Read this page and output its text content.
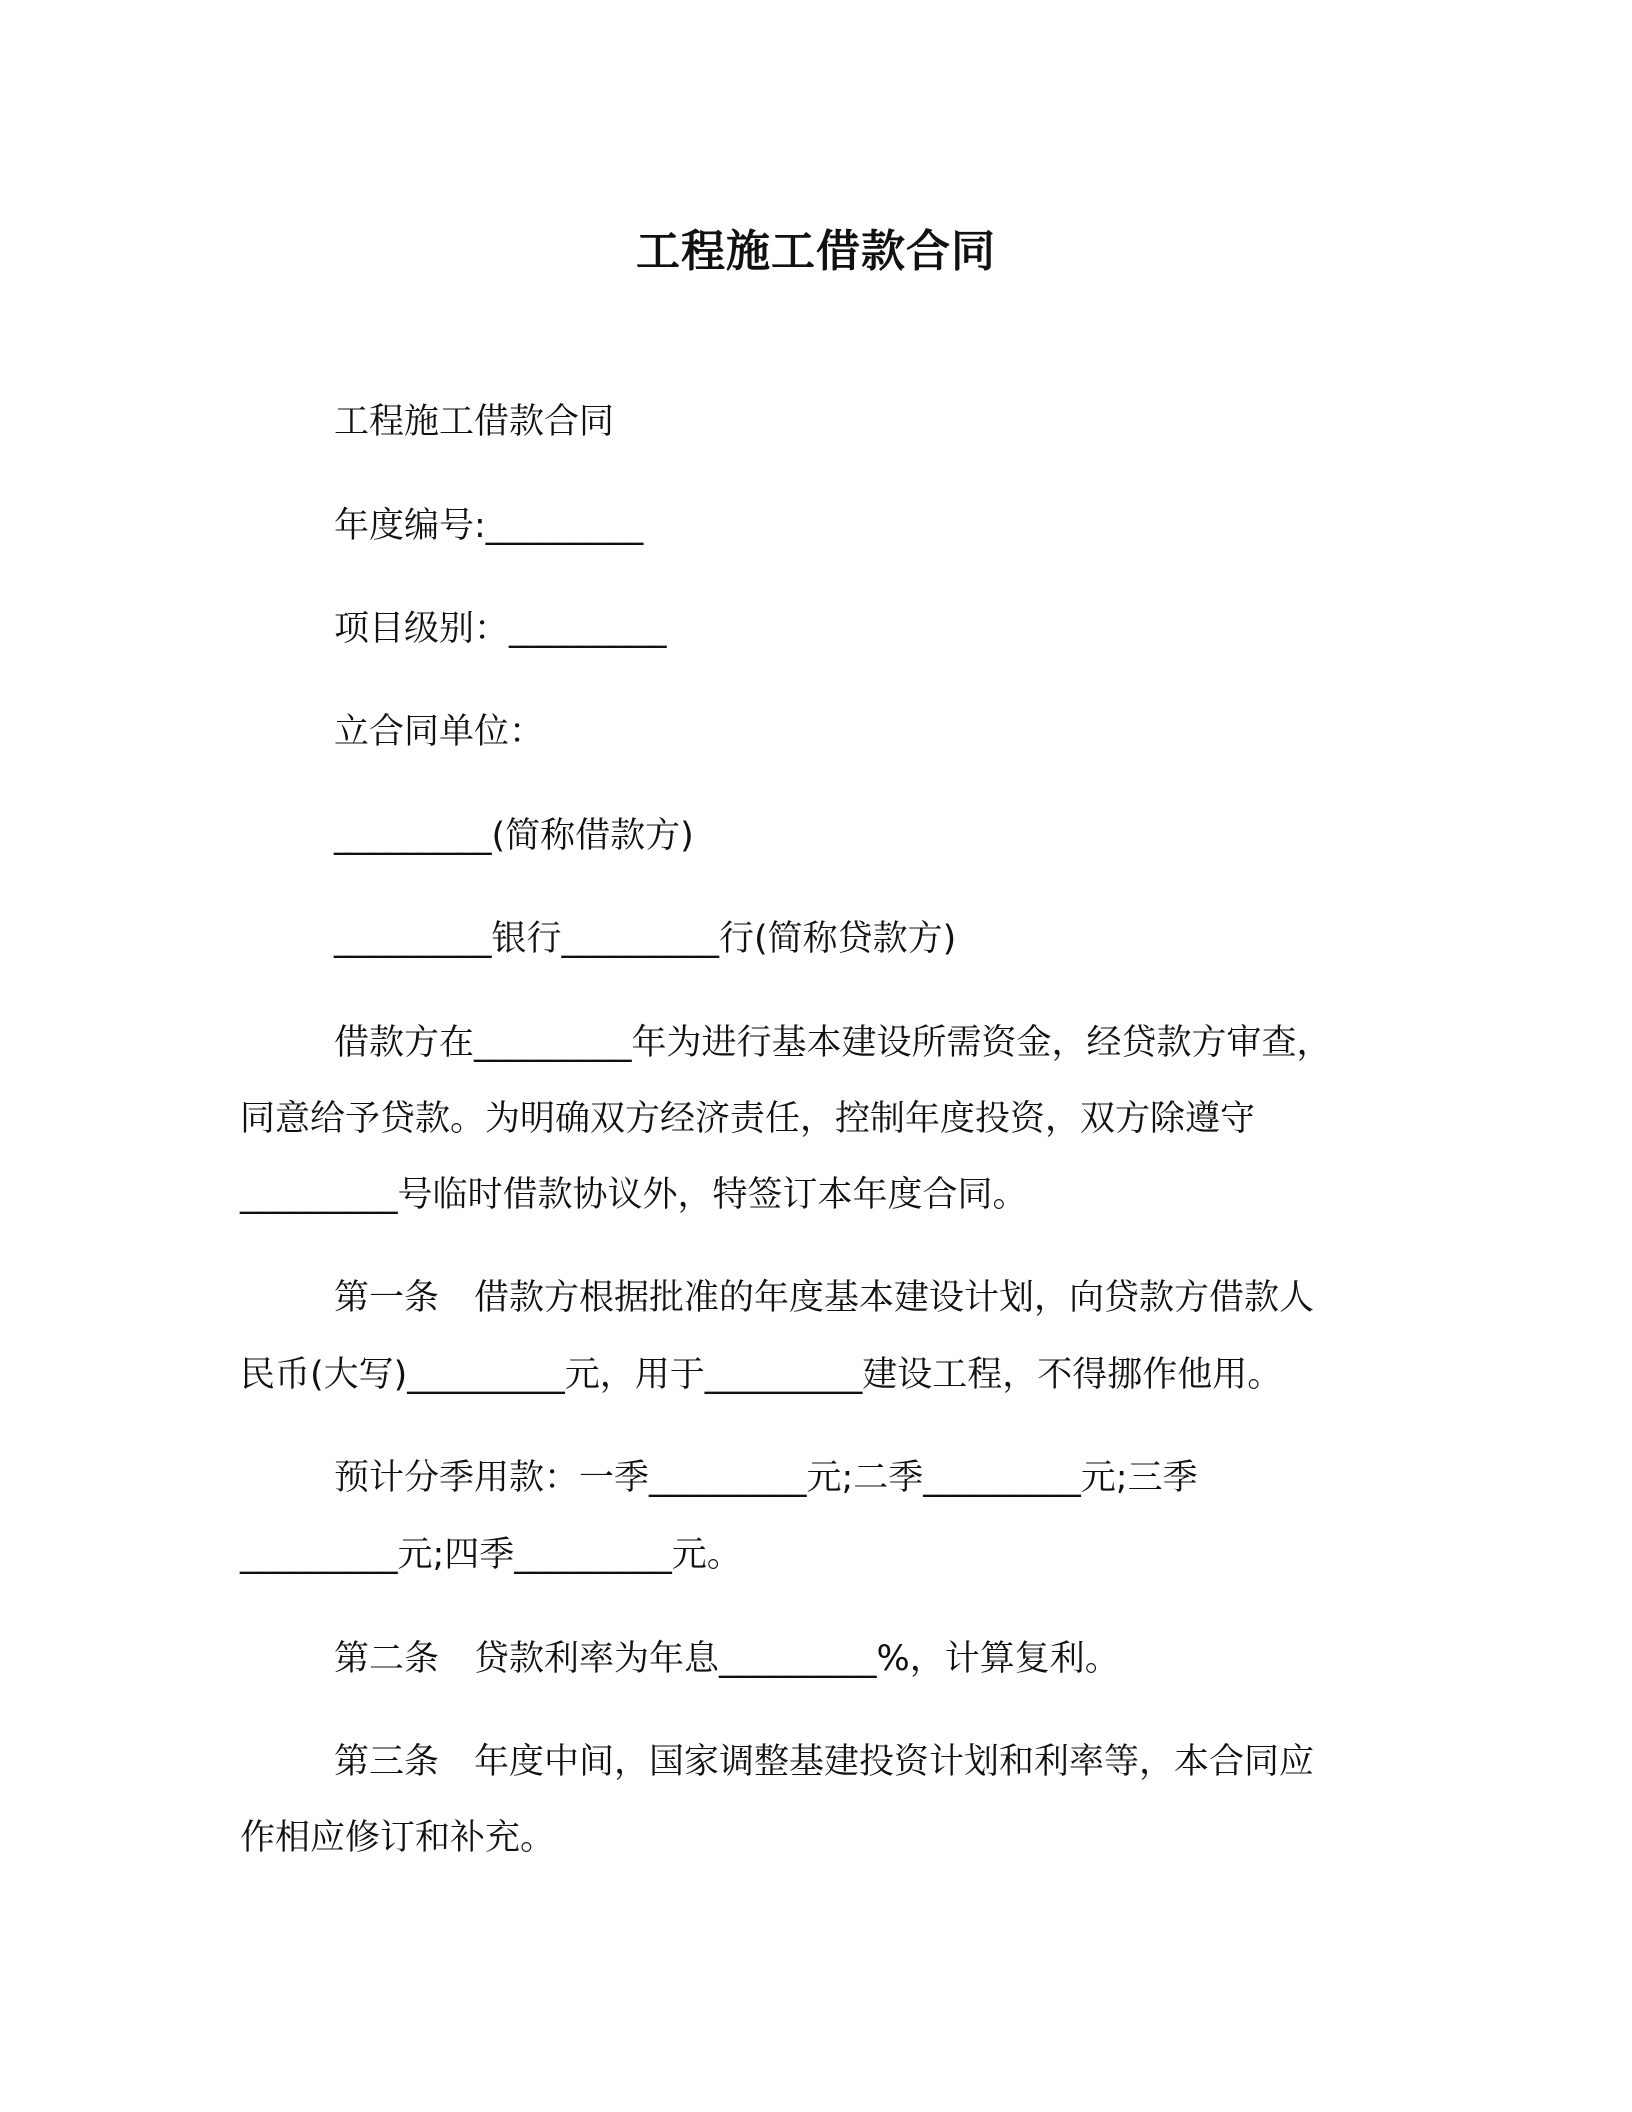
工程施工借款合同
工程施工借款合同
年度编号:_________
项目级别：_________
立合同单位：
_________(简称借款方)
_________银行_________行(简称贷款方)
借款方在_________年为进行基本建设所需资金，经贷款方审查，
同意给予贷款。为明确双方经济责任，控制年度投资，双方除遵守
_________号临时借款协议外，特签订本年度合同。
第一条　借款方根据批准的年度基本建设计划，向贷款方借款人
民币(大写)_________元，用于_________建设工程，不得挪作他用。
预计分季用款：一季_________元;二季_________元;三季
_________元;四季_________元。
第二条　贷款利率为年息_________%，计算复利。
第三条　年度中间，国家调整基建投资计划和利率等，本合同应
作相应修订和补充。
